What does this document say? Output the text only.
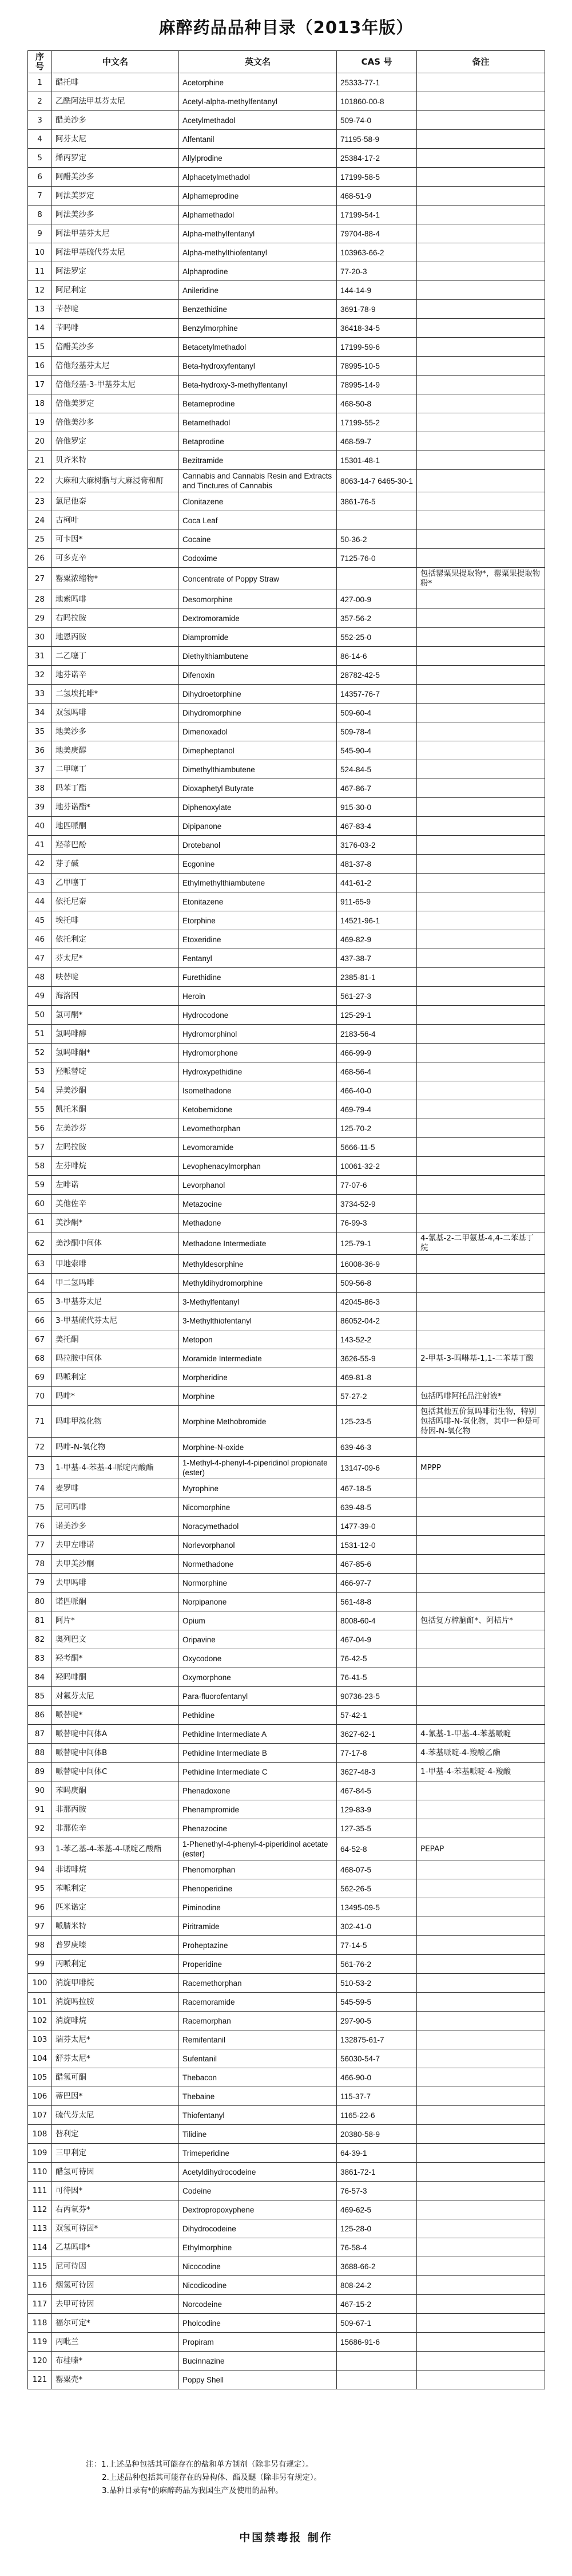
麻醉药品品种目录（2013年版）
序号	中文名	英文名	CAS 号	备注
1	醋托啡	Acetorphine	25333-77-1	
2	乙酰阿法甲基芬太尼	Acetyl-alpha-methylfentanyl	101860-00-8	
3	醋美沙多	Acetylmethadol	509-74-0	
4	阿芬太尼	Alfentanil	71195-58-9	
5	烯丙罗定	Allylprodine	25384-17-2	
6	阿醋美沙多	Alphacetylmethadol	17199-58-5	
7	阿法美罗定	Alphameprodine	468-51-9	
8	阿法美沙多	Alphamethadol	17199-54-1	
9	阿法甲基芬太尼	Alpha-methylfentanyl	79704-88-4	
10	阿法甲基硫代芬太尼	Alpha-methylthiofentanyl	103963-66-2	
11	阿法罗定	Alphaprodine	77-20-3	
12	阿尼利定	Anileridine	144-14-9	
13	苄替啶	Benzethidine	3691-78-9	
14	苄吗啡	Benzylmorphine	36418-34-5	
15	倍醋美沙多	Betacetylmethadol	17199-59-6	
16	倍他羟基芬太尼	Beta-hydroxyfentanyl	78995-10-5	
17	倍他羟基-3-甲基芬太尼	Beta-hydroxy-3-methylfentanyl	78995-14-9	
18	倍他美罗定	Betameprodine	468-50-8	
19	倍他美沙多	Betamethadol	17199-55-2	
20	倍他罗定	Betaprodine	468-59-7	
21	贝齐米特	Bezitramide	15301-48-1	
22	大麻和大麻树脂与大麻浸膏和酊	Cannabis and Cannabis Resin and Extracts and Tinctures of Cannabis	8063-14-7 6465-30-1	
23	氯尼他秦	Clonitazene	3861-76-5	
24	古柯叶	Coca Leaf		
25	可卡因*	Cocaine	50-36-2	
26	可多克辛	Codoxime	7125-76-0	
27	罂粟浓缩物*	Concentrate of Poppy Straw		包括罂粟果提取物*，罂粟果提取物粉*
28	地索吗啡	Desomorphine	427-00-9	
29	右吗拉胺	Dextromoramide	357-56-2	
30	地恩丙胺	Diampromide	552-25-0	
31	二乙噻丁	Diethylthiambutene	86-14-6	
32	地芬诺辛	Difenoxin	28782-42-5	
33	二氢埃托啡*	Dihydroetorphine	14357-76-7	
34	双氢吗啡	Dihydromorphine	509-60-4	
35	地美沙多	Dimenoxadol	509-78-4	
36	地美庚醇	Dimepheptanol	545-90-4	
37	二甲噻丁	Dimethylthiambutene	524-84-5	
38	吗苯丁酯	Dioxaphetyl Butyrate	467-86-7	
39	地芬诺酯*	Diphenoxylate	915-30-0	
40	地匹哌酮	Dipipanone	467-83-4	
41	羟蒂巴酚	Drotebanol	3176-03-2	
42	芽子碱	Ecgonine	481-37-8	
43	乙甲噻丁	Ethylmethylthiambutene	441-61-2	
44	依托尼秦	Etonitazene	911-65-9	
45	埃托啡	Etorphine	14521-96-1	
46	依托利定	Etoxeridine	469-82-9	
47	芬太尼*	Fentanyl	437-38-7	
48	呋替啶	Furethidine	2385-81-1	
49	海洛因	Heroin	561-27-3	
50	氢可酮*	Hydrocodone	125-29-1	
51	氢吗啡醇	Hydromorphinol	2183-56-4	
52	氢吗啡酮*	Hydromorphone	466-99-9	
53	羟哌替啶	Hydroxypethidine	468-56-4	
54	异美沙酮	Isomethadone	466-40-0	
55	凯托米酮	Ketobemidone	469-79-4	
56	左美沙芬	Levomethorphan	125-70-2	
57	左吗拉胺	Levomoramide	5666-11-5	
58	左芬啡烷	Levophenacylmorphan	10061-32-2	
59	左啡诺	Levorphanol	77-07-6	
60	美他佐辛	Metazocine	3734-52-9	
61	美沙酮*	Methadone	76-99-3	
62	美沙酮中间体	Methadone Intermediate	125-79-1	4-氰基-2-二甲氨基-4,4-二苯基丁烷
63	甲地索啡	Methyldesorphine	16008-36-9	
64	甲二氢吗啡	Methyldihydromorphine	509-56-8	
65	3-甲基芬太尼	3-Methylfentanyl	42045-86-3	
66	3-甲基硫代芬太尼	3-Methylthiofentanyl	86052-04-2	
67	美托酮	Metopon	143-52-2	
68	吗拉胺中间体	Moramide Intermediate	3626-55-9	2-甲基-3-吗啉基-1,1-二苯基丁酸
69	吗哌利定	Morpheridine	469-81-8	
70	吗啡*	Morphine	57-27-2	包括吗啡阿托品注射液*
71	吗啡甲溴化物	Morphine Methobromide	125-23-5	包括其他五价氮吗啡衍生物，特别包括吗啡-N-氧化物，其中一种是可待因-N-氧化物
72	吗啡-N-氧化物	Morphine-N-oxide	639-46-3	
73	1-甲基-4-苯基-4-哌啶丙酸酯	1-Methyl-4-phenyl-4-piperidinol propionate (ester)	13147-09-6	MPPP
74	麦罗啡	Myrophine	467-18-5	
75	尼可吗啡	Nicomorphine	639-48-5	
76	诺美沙多	Noracymethadol	1477-39-0	
77	去甲左啡诺	Norlevorphanol	1531-12-0	
78	去甲美沙酮	Normethadone	467-85-6	
79	去甲吗啡	Normorphine	466-97-7	
80	诺匹哌酮	Norpipanone	561-48-8	
81	阿片*	Opium	8008-60-4	包括复方樟脑酊*、阿桔片*
82	奥列巴文	Oripavine	467-04-9	
83	羟考酮*	Oxycodone	76-42-5	
84	羟吗啡酮	Oxymorphone	76-41-5	
85	对氟芬太尼	Para-fluorofentanyl	90736-23-5	
86	哌替啶*	Pethidine	57-42-1	
87	哌替啶中间体A	Pethidine Intermediate A	3627-62-1	4-氰基-1-甲基-4-苯基哌啶
88	哌替啶中间体B	Pethidine Intermediate B	77-17-8	4-苯基哌啶-4-羧酸乙酯
89	哌替啶中间体C	Pethidine Intermediate C	3627-48-3	1-甲基-4-苯基哌啶-4-羧酸
90	苯吗庚酮	Phenadoxone	467-84-5	
91	非那丙胺	Phenampromide	129-83-9	
92	非那佐辛	Phenazocine	127-35-5	
93	1-苯乙基-4-苯基-4-哌啶乙酸酯	1-Phenethyl-4-phenyl-4-piperidinol acetate (ester)	64-52-8	PEPAP
94	非诺啡烷	Phenomorphan	468-07-5	
95	苯哌利定	Phenoperidine	562-26-5	
96	匹米诺定	Piminodine	13495-09-5	
97	哌腈米特	Piritramide	302-41-0	
98	普罗庚嗪	Proheptazine	77-14-5	
99	丙哌利定	Properidine	561-76-2	
100	消旋甲啡烷	Racemethorphan	510-53-2	
101	消旋吗拉胺	Racemoramide	545-59-5	
102	消旋啡烷	Racemorphan	297-90-5	
103	瑞芬太尼*	Remifentanil	132875-61-7	
104	舒芬太尼*	Sufentanil	56030-54-7	
105	醋氢可酮	Thebacon	466-90-0	
106	蒂巴因*	Thebaine	115-37-7	
107	硫代芬太尼	Thiofentanyl	1165-22-6	
108	替利定	Tilidine	20380-58-9	
109	三甲利定	Trimeperidine	64-39-1	
110	醋氢可待因	Acetyldihydrocodeine	3861-72-1	
111	可待因*	Codeine	76-57-3	
112	右丙氧芬*	Dextropropoxyphene	469-62-5	
113	双氢可待因*	Dihydrocodeine	125-28-0	
114	乙基吗啡*	Ethylmorphine	76-58-4	
115	尼可待因	Nicocodine	3688-66-2	
116	烟氢可待因	Nicodicodine	808-24-2	
117	去甲可待因	Norcodeine	467-15-2	
118	福尔可定*	Pholcodine	509-67-1	
119	丙吡兰	Propiram	15686-91-6	
120	布桂嗪*	Bucinnazine		
121	罂粟壳*	Poppy Shell		
注：1.上述品种包括其可能存在的盐和单方制剂（除非另有规定）。
2.上述品种包括其可能存在的异构体、酯及醚（除非另有规定）。
3.品种目录有*的麻醉药品为我国生产及使用的品种。
中国禁毒报 制作
